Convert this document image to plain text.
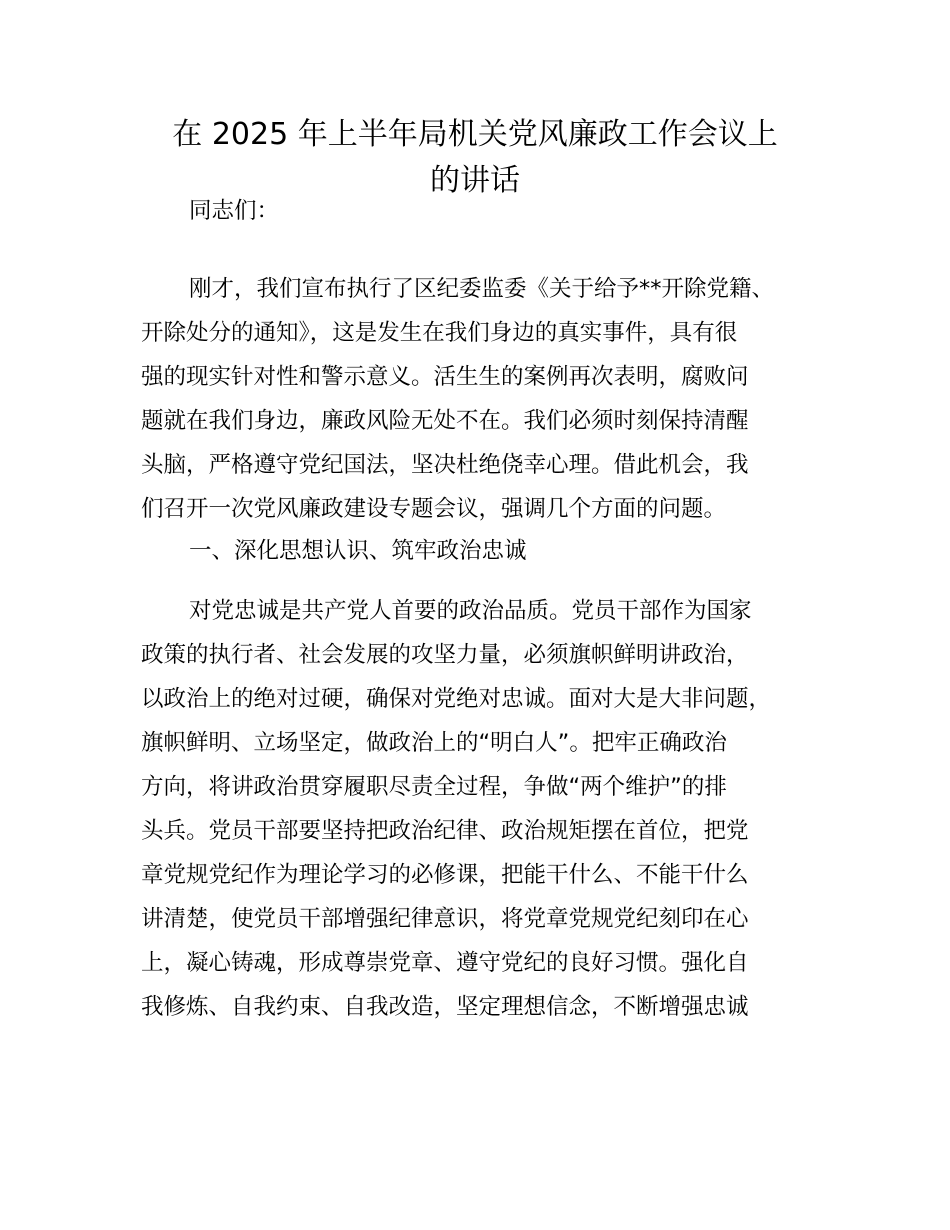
在 2025 年上半年局机关党风廉政工作会议上
的讲话

同志们：

刚才，我们宣布执行了区纪委监委《关于给予**开除党籍、
开除处分的通知》，这是发生在我们身边的真实事件，具有很
强的现实针对性和警示意义。活生生的案例再次表明，腐败问
题就在我们身边，廉政风险无处不在。我们必须时刻保持清醒
头脑，严格遵守党纪国法，坚决杜绝侥幸心理。借此机会，我
们召开一次党风廉政建设专题会议，强调几个方面的问题。

一、深化思想认识、筑牢政治忠诚

对党忠诚是共产党人首要的政治品质。党员干部作为国家
政策的执行者、社会发展的攻坚力量，必须旗帜鲜明讲政治，
以政治上的绝对过硬，确保对党绝对忠诚。面对大是大非问题，
旗帜鲜明、立场坚定，做政治上的“明白人”。把牢正确政治
方向，将讲政治贯穿履职尽责全过程，争做“两个维护”的排
头兵。党员干部要坚持把政治纪律、政治规矩摆在首位，把党
章党规党纪作为理论学习的必修课，把能干什么、不能干什么
讲清楚，使党员干部增强纪律意识，将党章党规党纪刻印在心
上，凝心铸魂，形成尊崇党章、遵守党纪的良好习惯。强化自
我修炼、自我约束、自我改造，坚定理想信念，不断增强忠诚
